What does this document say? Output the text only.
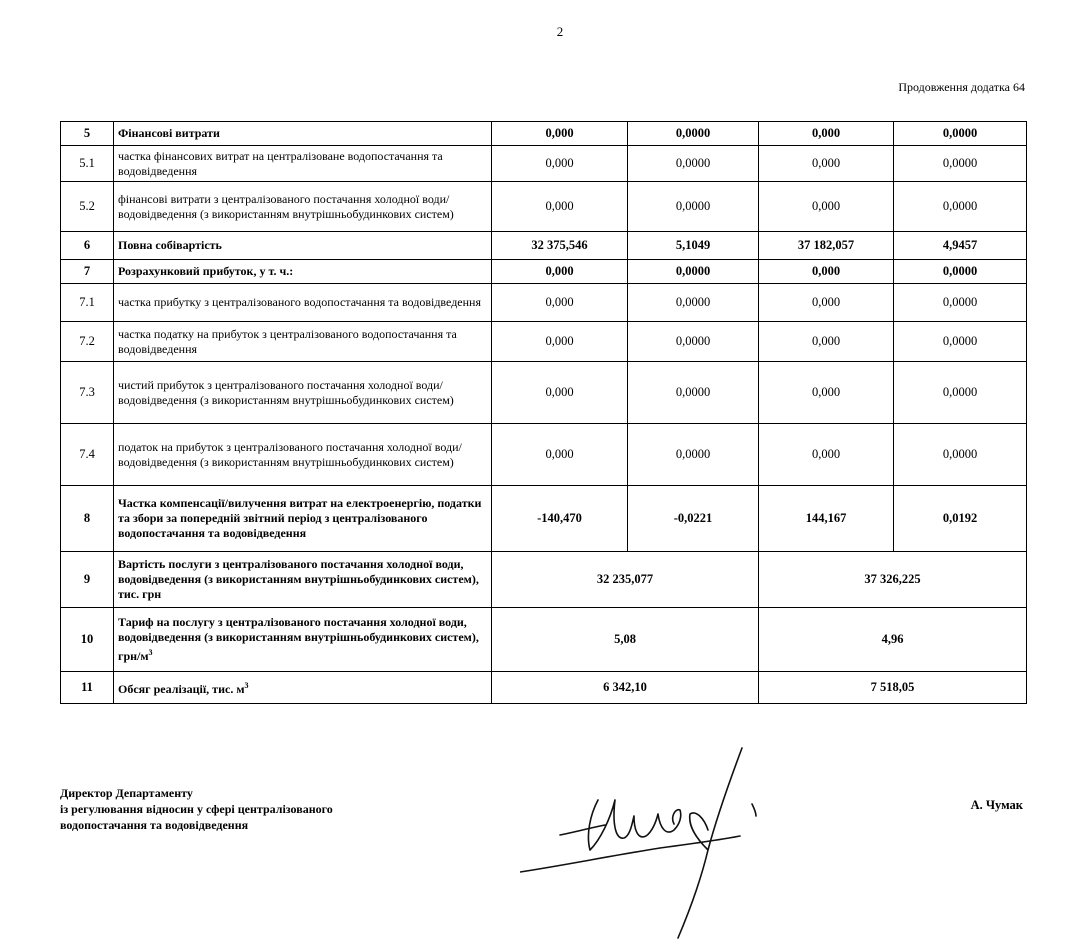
2
Продовження додатка 64
5	Фінансові витрати	0,000	0,0000	0,000	0,0000
5.1	частка фінансових витрат на централізоване водопостачання та водовідведення	0,000	0,0000	0,000	0,0000
5.2	фінансові витрати з централізованого постачання холодної води/водовідведення (з використанням внутрішньобудинкових систем)	0,000	0,0000	0,000	0,0000
6	Повна собівартість	32 375,546	5,1049	37 182,057	4,9457
7	Розрахунковий прибуток, у т. ч.:	0,000	0,0000	0,000	0,0000
7.1	частка прибутку з централізованого водопостачання та водовідведення	0,000	0,0000	0,000	0,0000
7.2	частка податку на прибуток з централізованого водопостачання та водовідведення	0,000	0,0000	0,000	0,0000
7.3	чистий прибуток з централізованого постачання холодної води/водовідведення (з використанням внутрішньобудинкових систем)	0,000	0,0000	0,000	0,0000
7.4	податок на прибуток з централізованого постачання холодної води/водовідведення (з використанням внутрішньобудинкових систем)	0,000	0,0000	0,000	0,0000
8	Частка компенсації/вилучення витрат на електроенергію, податки та збори за попередній звітний період з централізованого водопостачання та водовідведення	-140,470	-0,0221	144,167	0,0192
9	Вартість послуги з централізованого постачання холодної води, водовідведення (з використанням внутрішньобудинкових систем), тис. грн	32 235,077		37 326,225	
10	Тариф на послугу з централізованого постачання холодної води, водовідведення (з використанням внутрішньобудинкових систем), грн/$м^3$	5,08		4,96	
11	Обсяг реалізації, тис. $м^3$	6 342,10		7 518,05	
Директор Департаменту
із регулювання відносин у сфері централізованого
водопостачання та водовідведення
А. Чумак
